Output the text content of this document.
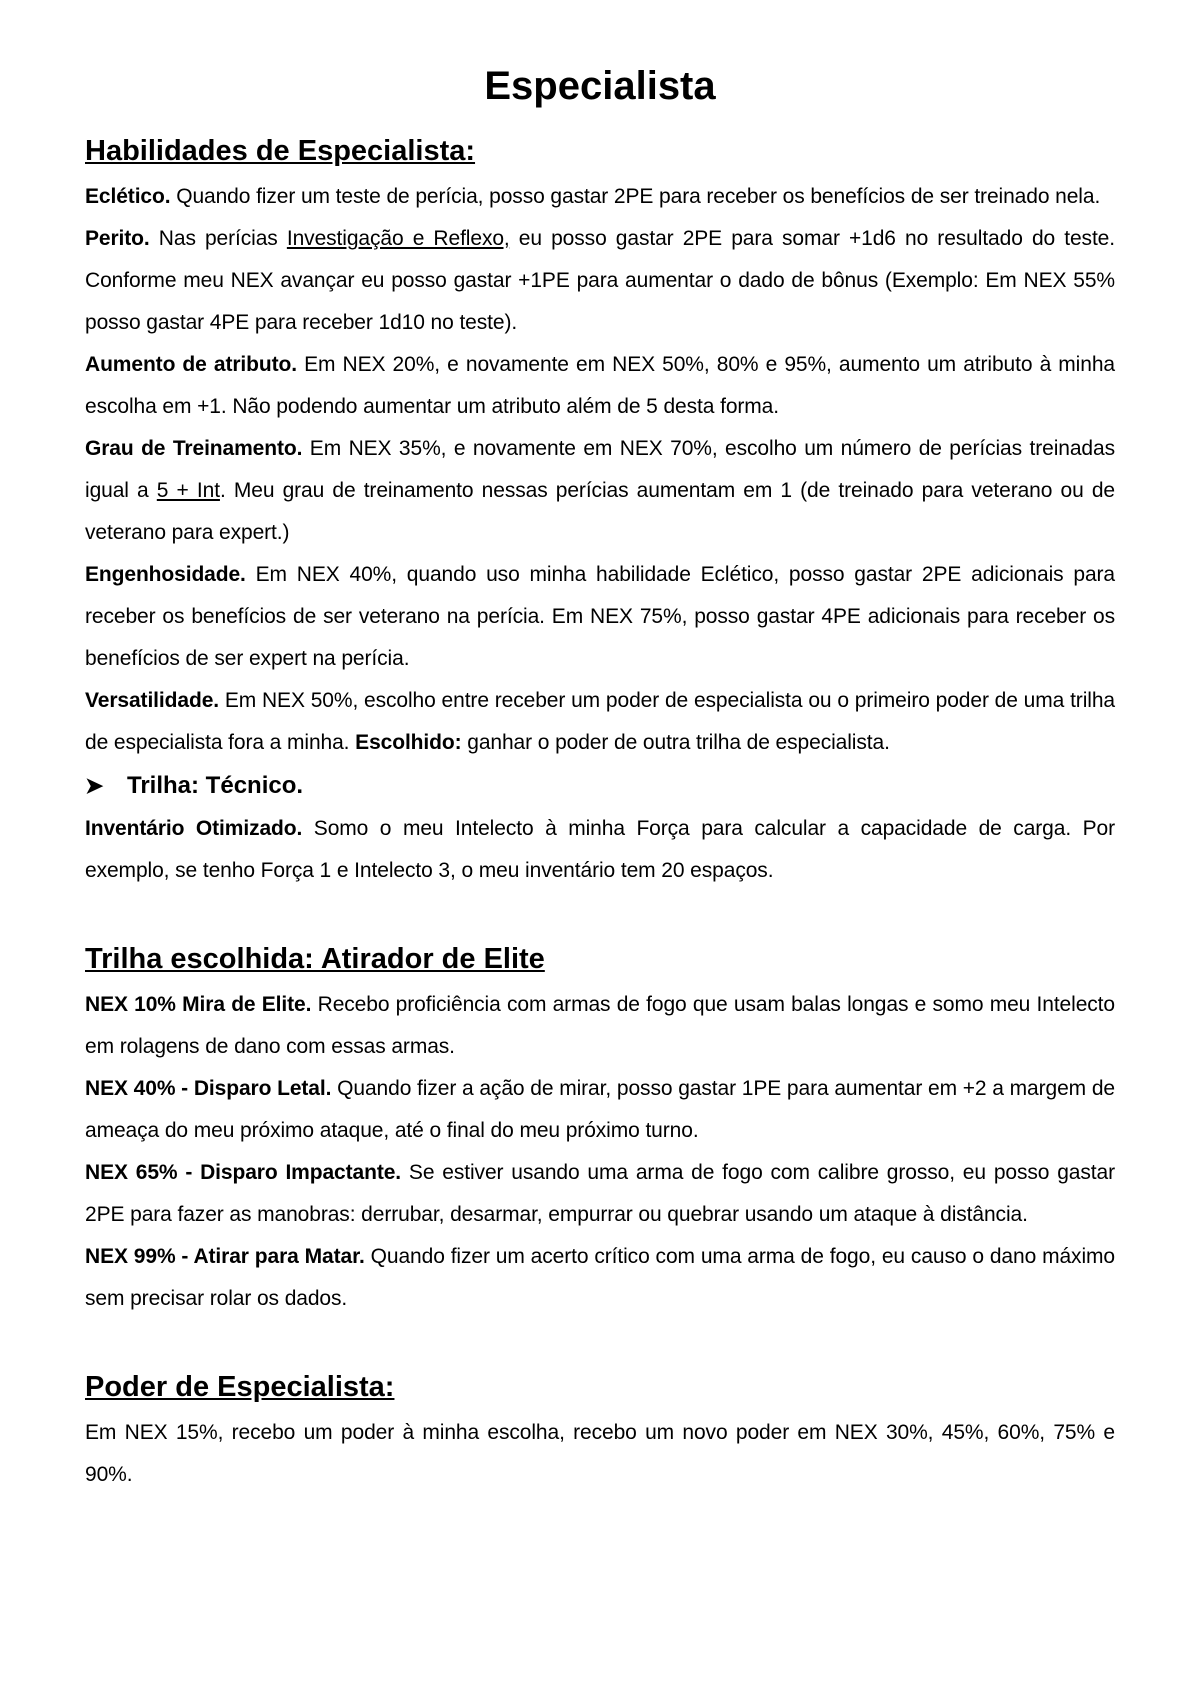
Especialista
Habilidades de Especialista:

Eclético. Quando fizer um teste de perícia, posso gastar 2PE para receber os benefícios de ser treinado nela.

Perito. Nas perícias Investigação e Reflexo, eu posso gastar 2PE para somar +1d6 no resultado do teste. Conforme meu NEX avançar eu posso gastar +1PE para aumentar o dado de bônus (Exemplo: Em NEX 55% posso gastar 4PE para receber 1d10 no teste).

Aumento de atributo. Em NEX 20%, e novamente em NEX 50%, 80% e 95%, aumento um atributo à minha escolha em +1. Não podendo aumentar um atributo além de 5 desta forma.

Grau de Treinamento. Em NEX 35%, e novamente em NEX 70%, escolho um número de perícias treinadas igual a 5 + Int. Meu grau de treinamento nessas perícias aumentam em 1 (de treinado para veterano ou de veterano para expert.)

Engenhosidade. Em NEX 40%, quando uso minha habilidade Eclético, posso gastar 2PE adicionais para receber os benefícios de ser veterano na perícia. Em NEX 75%, posso gastar 4PE adicionais para receber os benefícios de ser expert na perícia.

Versatilidade. Em NEX 50%, escolho entre receber um poder de especialista ou o primeiro poder de uma trilha de especialista fora a minha. Escolhido: ganhar o poder de outra trilha de especialista.

➤ Trilha: Técnico.

Inventário Otimizado. Somo o meu Intelecto à minha Força para calcular a capacidade de carga. Por exemplo, se tenho Força 1 e Intelecto 3, o meu inventário tem 20 espaços.

Trilha escolhida: Atirador de Elite

NEX 10% Mira de Elite. Recebo proficiência com armas de fogo que usam balas longas e somo meu Intelecto em rolagens de dano com essas armas.

NEX 40% - Disparo Letal. Quando fizer a ação de mirar, posso gastar 1PE para aumentar em +2 a margem de ameaça do meu próximo ataque, até o final do meu próximo turno.

NEX 65% - Disparo Impactante. Se estiver usando uma arma de fogo com calibre grosso, eu posso gastar 2PE para fazer as manobras: derrubar, desarmar, empurrar ou quebrar usando um ataque à distância.

NEX 99% - Atirar para Matar. Quando fizer um acerto crítico com uma arma de fogo, eu causo o dano máximo sem precisar rolar os dados.

Poder de Especialista:

Em NEX 15%, recebo um poder à minha escolha, recebo um novo poder em NEX 30%, 45%, 60%, 75% e 90%.
